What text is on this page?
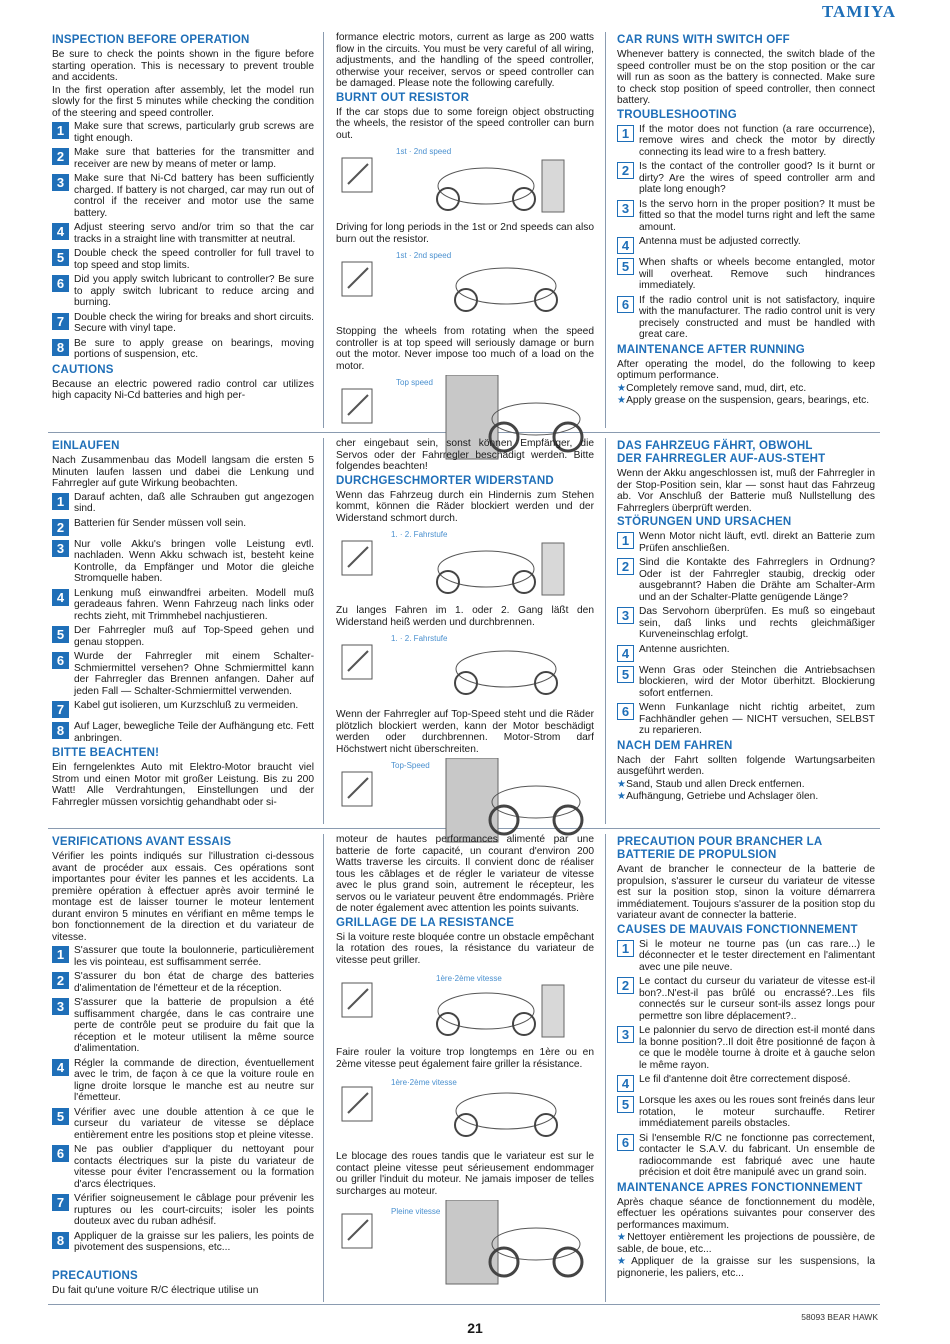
TAMIYA
INSPECTION BEFORE OPERATION

Be sure to check the points shown in the figure before starting operation. This is necessary to prevent trouble and accidents.

In the first operation after assembly, let the model run slowly for the first 5 minutes while checking the condition of the steering and speed controller.

1 Make sure that screws, particularly grub screws are tight enough.
2 Make sure that batteries for the transmitter and receiver are new by means of meter or lamp.
3 Make sure that Ni-Cd battery has been sufficiently charged. If battery is not charged, car may run out of control if the receiver and motor use the same battery.
4 Adjust steering servo and/or trim so that the car tracks in a straight line with transmitter at neutral.
5 Double check the speed controller for full travel to top speed and stop limits.
6 Did you apply switch lubricant to controller? Be sure to apply switch lubricant to reduce arcing and burning.
7 Double check the wiring for breaks and short circuits. Secure with vinyl tape.
8 Be sure to apply grease on bearings, moving portions of suspension, etc.
CAUTIONS

Because an electric powered radio control car utilizes high capacity Ni-Cd batteries and high per-

formance electric motors, current as large as 200 watts flow in the circuits. You must be very careful of all wiring, adjustments, and the handling of the speed controller, otherwise your receiver, servos or speed controller can be damaged. Please note the following carefully.

BURNT OUT RESISTOR

If the car stops due to some foreign object obstructing the wheels, the resistor of the speed controller can burn out.

1st · 2nd speed

Driving for long periods in the 1st or 2nd speeds can also burn out the resistor.

1st · 2nd speed

Stopping the wheels from rotating when the speed controller is at top speed will seriously damage or burn out the motor. Never impose too much of a load on the motor.

Top speed
CAR RUNS WITH SWITCH OFF

Whenever battery is connected, the switch blade of the speed controller must be on the stop position or the car will run as soon as the battery is connected. Make sure to check stop position of speed controller, then connect battery.

TROUBLESHOOTING
1 If the motor does not function (a rare occurrence), remove wires and check the motor by directly connecting its lead wire to a fresh battery.
2 Is the contact of the controller good? Is it burnt or dirty? Are the wires of speed controller arm and plate long enough?
3 Is the servo horn in the proper position? It must be fitted so that the model turns right and left the same amount.
4 Antenna must be adjusted correctly.
5 When shafts or wheels become entangled, motor will overheat. Remove such hindrances immediately.
6 If the radio control unit is not satisfactory, inquire with the manufacturer. The radio control unit is very precisely constructed and must be handled with great care.
MAINTENANCE AFTER RUNNING

After operating the model, do the following to keep optimum performance.

★Completely remove sand, mud, dirt, etc.

★Apply grease on the suspension, gears, bearings, etc.

EINLAUFEN

Nach Zusammenbau das Modell langsam die ersten 5 Minuten laufen lassen und dabei die Lenkung und Fahrregler auf gute Wirkung beobachten.

1 Darauf achten, daß alle Schrauben gut angezogen sind.
2 Batterien für Sender müssen voll sein.
3 Nur volle Akku's bringen volle Leistung evtl. nachladen. Wenn Akku schwach ist, besteht keine Kontrolle, da Empfänger und Motor die gleiche Stromquelle haben.
4 Lenkung muß einwandfrei arbeiten. Modell muß geradeaus fahren. Wenn Fahrzeug nach links oder rechts zieht, mit Trimmhebel nachjustieren.
5 Der Fahrregler muß auf Top-Speed gehen und genau stoppen.
6 Wurde der Fahrregler mit einem Schalter-Schmiermittel versehen? Ohne Schmiermittel kann der Fahrregler das Brennen anfangen. Daher auf jeden Fall — Schalter-Schmiermittel verwenden.
7 Kabel gut isolieren, um Kurzschluß zu vermeiden.
8 Auf Lager, bewegliche Teile der Aufhängung etc. Fett anbringen.
BITTE BEACHTEN!

Ein ferngelenktes Auto mit Elektro-Motor braucht viel Strom und einen Motor mit großer Leistung. Bis zu 200 Watt! Alle Verdrahtungen, Einstellungen und der Fahrregler müssen vorsichtig gehandhabt oder si-

cher eingebaut sein, sonst können Empfänger, die Servos oder der Fahrregler beschädigt werden. Bitte folgendes beachten!

DURCHGESCHMORTER WIDERSTAND

Wenn das Fahrzeug durch ein Hindernis zum Stehen kommt, können die Räder blockiert werden und der Widerstand schmort durch.

1. · 2. Fahrstufe

Zu langes Fahren im 1. oder 2. Gang läßt den Widerstand heiß werden und durchbrennen.

1. · 2. Fahrstufe

Wenn der Fahrregler auf Top-Speed steht und die Räder plötzlich blockiert werden, kann der Motor beschädigt werden oder durchbrennen. Motor-Strom darf Höchstwert nicht überschreiten.

Top-Speed
DAS FAHRZEUG FÄHRT, OBWOHL
DER FAHRREGLER AUF-AUS-STEHT

Wenn der Akku angeschlossen ist, muß der Fahrregler in der Stop-Position sein, klar — sonst haut das Fahrzeug ab. Vor Anschluß der Batterie muß Nullstellung des Fahrreglers überprüft werden.

STÖRUNGEN UND URSACHEN
1 Wenn Motor nicht läuft, evtl. direkt an Batterie zum Prüfen anschließen.
2 Sind die Kontakte des Fahrreglers in Ordnung? Oder ist der Fahrregler staubig, dreckig oder ausgebrannt? Haben die Drähte am Schalter-Arm und an der Schalter-Platte genügende Länge?
3 Das Servohorn überprüfen. Es muß so eingebaut sein, daß links und rechts gleichmäßiger Kurveneinschlag erfolgt.
4 Antenne ausrichten.
5 Wenn Gras oder Steinchen die Antriebsachsen blockieren, wird der Motor überhitzt. Blockierung sofort entfernen.
6 Wenn Funkanlage nicht richtig arbeitet, zum Fachhändler gehen — NICHT versuchen, SELBST zu reparieren.
NACH DEM FAHREN

Nach der Fahrt sollten folgende Wartungsarbeiten ausgeführt werden.

★Sand, Staub und allen Dreck entfernen.

★Aufhängung, Getriebe und Achslager ölen.

VERIFICATIONS AVANT ESSAIS

Vérifier les points indiqués sur l'illustration ci-dessous avant de procéder aux essais. Ces opérations sont importantes pour éviter les pannes et les accidents. La première opération à effectuer après avoir terminé le montage est de laisser tourner le moteur lentement durant environ 5 minutes en vérifiant en même temps le bon fonctionnement de la direction et du variateur de vitesse.

1 S'assurer que toute la boulonnerie, particulièrement les vis pointeau, est suffisamment serrée.
2 S'assurer du bon état de charge des batteries d'alimentation de l'émetteur et de la réception.
3 S'assurer que la batterie de propulsion a été suffisamment chargée, dans le cas contraire une perte de contrôle peut se produire du fait que la réception et le moteur utilisent la même source d'alimentation.
4 Régler la commande de direction, éventuellement avec le trim, de façon à ce que la voiture roule en ligne droite lorsque le manche est au neutre sur l'émetteur.
5 Vérifier avec une double attention à ce que le curseur du variateur de vitesse se déplace entièrement entre les positions stop et pleine vitesse.
6 Ne pas oublier d'appliquer du nettoyant pour contacts électriques sur la piste du variateur de vitesse pour éviter l'encrassement ou la formation d'arcs électriques.
7 Vérifier soigneusement le câblage pour prévenir les ruptures ou les court-circuits; isoler les points douteux avec du ruban adhésif.
8 Appliquer de la graisse sur les paliers, les points de pivotement des suspensions, etc...
PRECAUTIONS

Du fait qu'une voiture R/C électrique utilise un

moteur de hautes performances alimenté par une batterie de forte capacité, un courant d'environ 200 Watts traverse les circuits. Il convient donc de réaliser tous les câblages et de régler le variateur de vitesse avec le plus grand soin, autrement le récepteur, les servos ou le variateur peuvent être endommagés. Prière de noter également avec attention les points suivants.

GRILLAGE DE LA RESISTANCE

Si la voiture reste bloquée contre un obstacle empêchant la rotation des roues, la résistance du variateur de vitesse peut griller.

1ère·2ème vitesse

Faire rouler la voiture trop longtemps en 1ère ou en 2ème vitesse peut également faire griller la résistance.

1ère·2ème vitesse

Le blocage des roues tandis que le variateur est sur le contact pleine vitesse peut sérieusement endommager ou griller l'induit du moteur. Ne jamais imposer de telles surcharges au moteur.

Pleine vitesse
PRECAUTION POUR BRANCHER LA
BATTERIE DE PROPULSION

Avant de brancher le connecteur de la batterie de propulsion, s'assurer le curseur du variateur de vitesse est sur la position stop, sinon la voiture démarrera immédiatement. Toujours s'assurer de la position stop du variateur avant de connecter la batterie.

CAUSES DE MAUVAIS FONCTIONNEMENT
1 Si le moteur ne tourne pas (un cas rare...) le déconnecter et le tester directement en l'alimentant avec une pile neuve.
2 Le contact du curseur du variateur de vitesse est-il bon?..N'est-il pas brûlé ou encrassé?..Les fils connectés sur le curseur sont-ils assez longs pour permettre son libre déplacement?..
3 Le palonnier du servo de direction est-il monté dans la bonne position?..Il doit être positionné de façon à ce que le modèle tourne à droite et à gauche selon le même rayon.
4 Le fil d'antenne doit être correctement disposé.
5 Lorsque les axes ou les roues sont freinés dans leur rotation, le moteur surchauffe. Retirer immédiatement pareils obstacles.
6 Si l'ensemble R/C ne fonctionne pas correctement, contacter le S.A.V. du fabricant. Un ensemble de radiocommande est fabriqué avec une haute précision et doit être manipulé avec un grand soin.
MAINTENANCE APRES FONCTIONNEMENT

Après chaque séance de fonctionnement du modèle, effectuer les opérations suivantes pour conserver des performances maximum.

★Nettoyer entièrement les projections de poussière, de sable, de boue, etc...

★Appliquer de la graisse sur les suspensions, la pignonerie, les paliers, etc...

58093 BEAR HAWK
21
